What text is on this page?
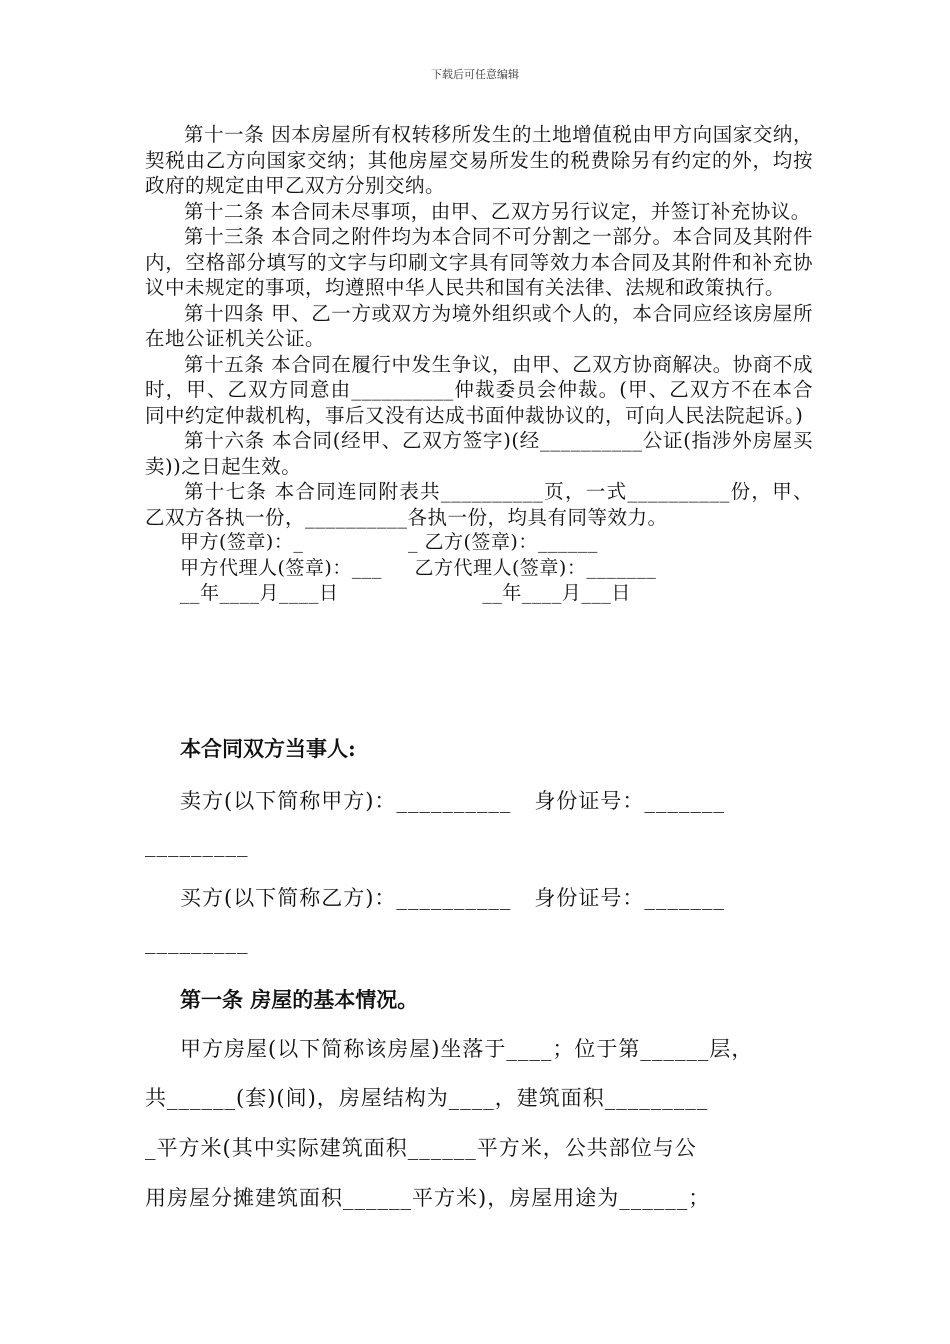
下载后可任意编辑

第十一条 因本房屋所有权转移所发生的土地增值税由甲方向国家交纳，契税由乙方向国家交纳；其他房屋交易所发生的税费除另有约定的外，均按政府的规定由甲乙双方分别交纳。

第十二条 本合同未尽事项，由甲、乙双方另行议定，并签订补充协议。

第十三条 本合同之附件均为本合同不可分割之一部分。本合同及其附件内，空格部分填写的文字与印刷文字具有同等效力本合同及其附件和补充协议中未规定的事项，均遵照中华人民共和国有关法律、法规和政策执行。

第十四条 甲、乙一方或双方为境外组织或个人的，本合同应经该房屋所在地公证机关公证。

第十五条 本合同在履行中发生争议，由甲、乙双方协商解决。协商不成时，甲、乙双方同意由__________仲裁委员会仲裁。(甲、乙双方不在本合同中约定仲裁机构，事后又没有达成书面仲裁协议的，可向人民法院起诉。)

第十六条 本合同(经甲、乙双方签字)(经__________公证(指涉外房屋买卖))之日起生效。

第十七条 本合同连同附表共__________页，一式__________份，甲、乙双方各执一份，__________各执一份，均具有同等效力。

甲方(签章)：_                _ 乙方(签章)：______
甲方代理人(签章)：___     乙方代理人(签章)：_______
__年____月____日                      __年____月___日
本合同双方当事人:
卖方(以下简称甲方)：__________   身份证号：_______
_________
买方(以下简称乙方)：__________   身份证号：_______
_________
第一条 房屋的基本情况。
甲方房屋(以下简称该房屋)坐落于____；位于第______层，
共______(套)(间)，房屋结构为____，建筑面积_________
_平方米(其中实际建筑面积______平方米，公共部位与公
用房屋分摊建筑面积______平方米)，房屋用途为______；
